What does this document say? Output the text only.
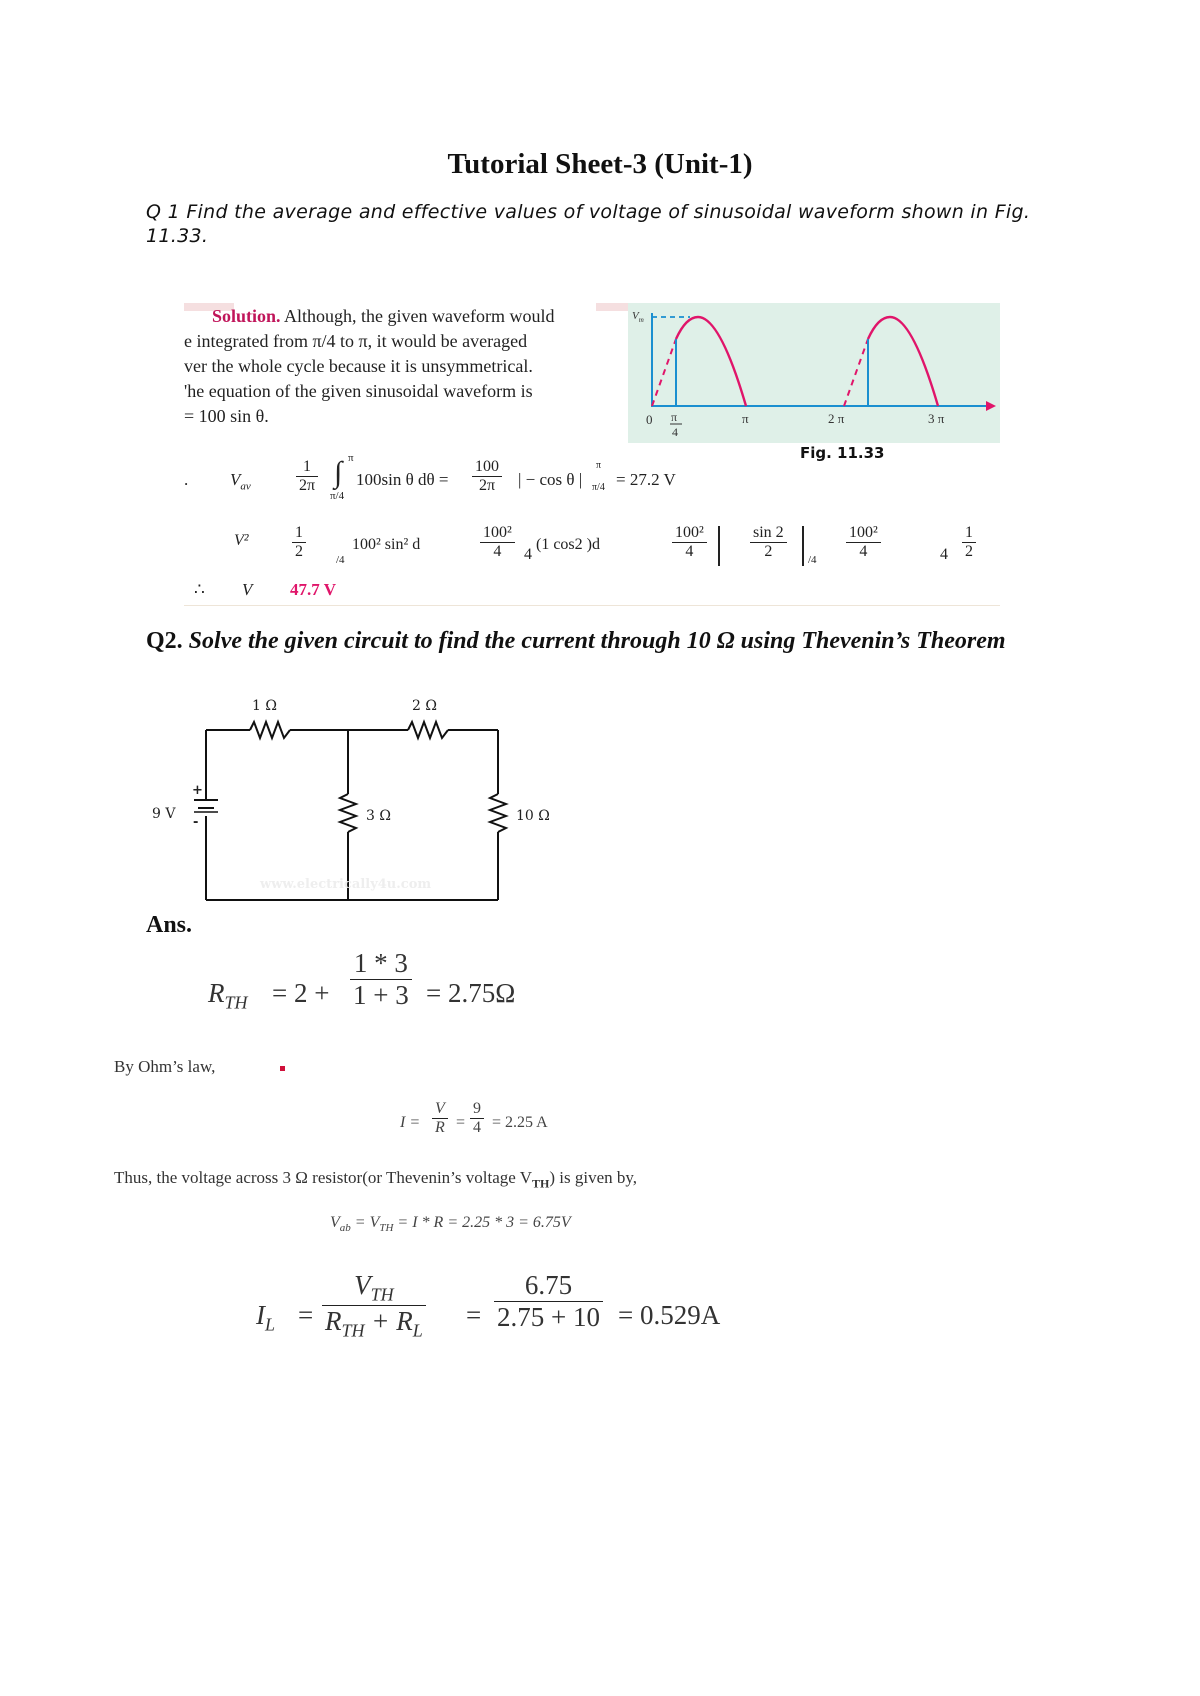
Tutorial Sheet-3 (Unit-1)
Q 1 Find the average and effective values of voltage of sinusoidal waveform shown in Fig. 11.33.
$V_m$
0 π
4
π	2 π	3 π
Fig. 11.33
Solution. Although, the given waveform would
e integrated from π/4 to π, it would be averaged
ver the whole cycle because it is unsymmetrical.
'he equation of the given sinusoidal waveform is
= 100 sin θ.
. $V_{av}$	$\frac{1}{2\pi}$ ∫ π
π/4
100sin θ $d\theta = \frac{100}{2\pi}$ | − cos θ |
π
π/4 = 27.2 V
V²	$\frac{1}{2}$	/4
100² sin² d	$\frac{\text{100²}}{4} 4$
(1 cos2 )d	$\frac{\text{100²}}{4}$	$\frac{\sin 2}{2} /4 \frac{\text{100²}}{4}$	$4 \frac{1}{2}$
∴ V 47.7 V
Q2. Solve the given circuit to find the current through 10 Ω using Thevenin’s Theorem
1 Ω	2 Ω
3 Ω	10 Ω
9 V
+
-
www.electrically4u.com
Ans.
$R_{TH} = 2 + \frac{1 * 3}{1 + 3} = 2.75\Omega$
By Ohm’s law,
$I = \frac{V}{R} = \frac{9}{4} = 2.25$ A
Thus, the voltage across 3 Ω resistor(or Thevenin’s voltage $V_{TH}$) is given by,
$V_{ab} = V_{TH} = I * R = 2.25 * 3 = 6.75V$
$I_L$ =
$V_{TH}$
$R_{TH} + R_L$
= $\frac{6.75}{2.75 + 10} = 0.529A$
